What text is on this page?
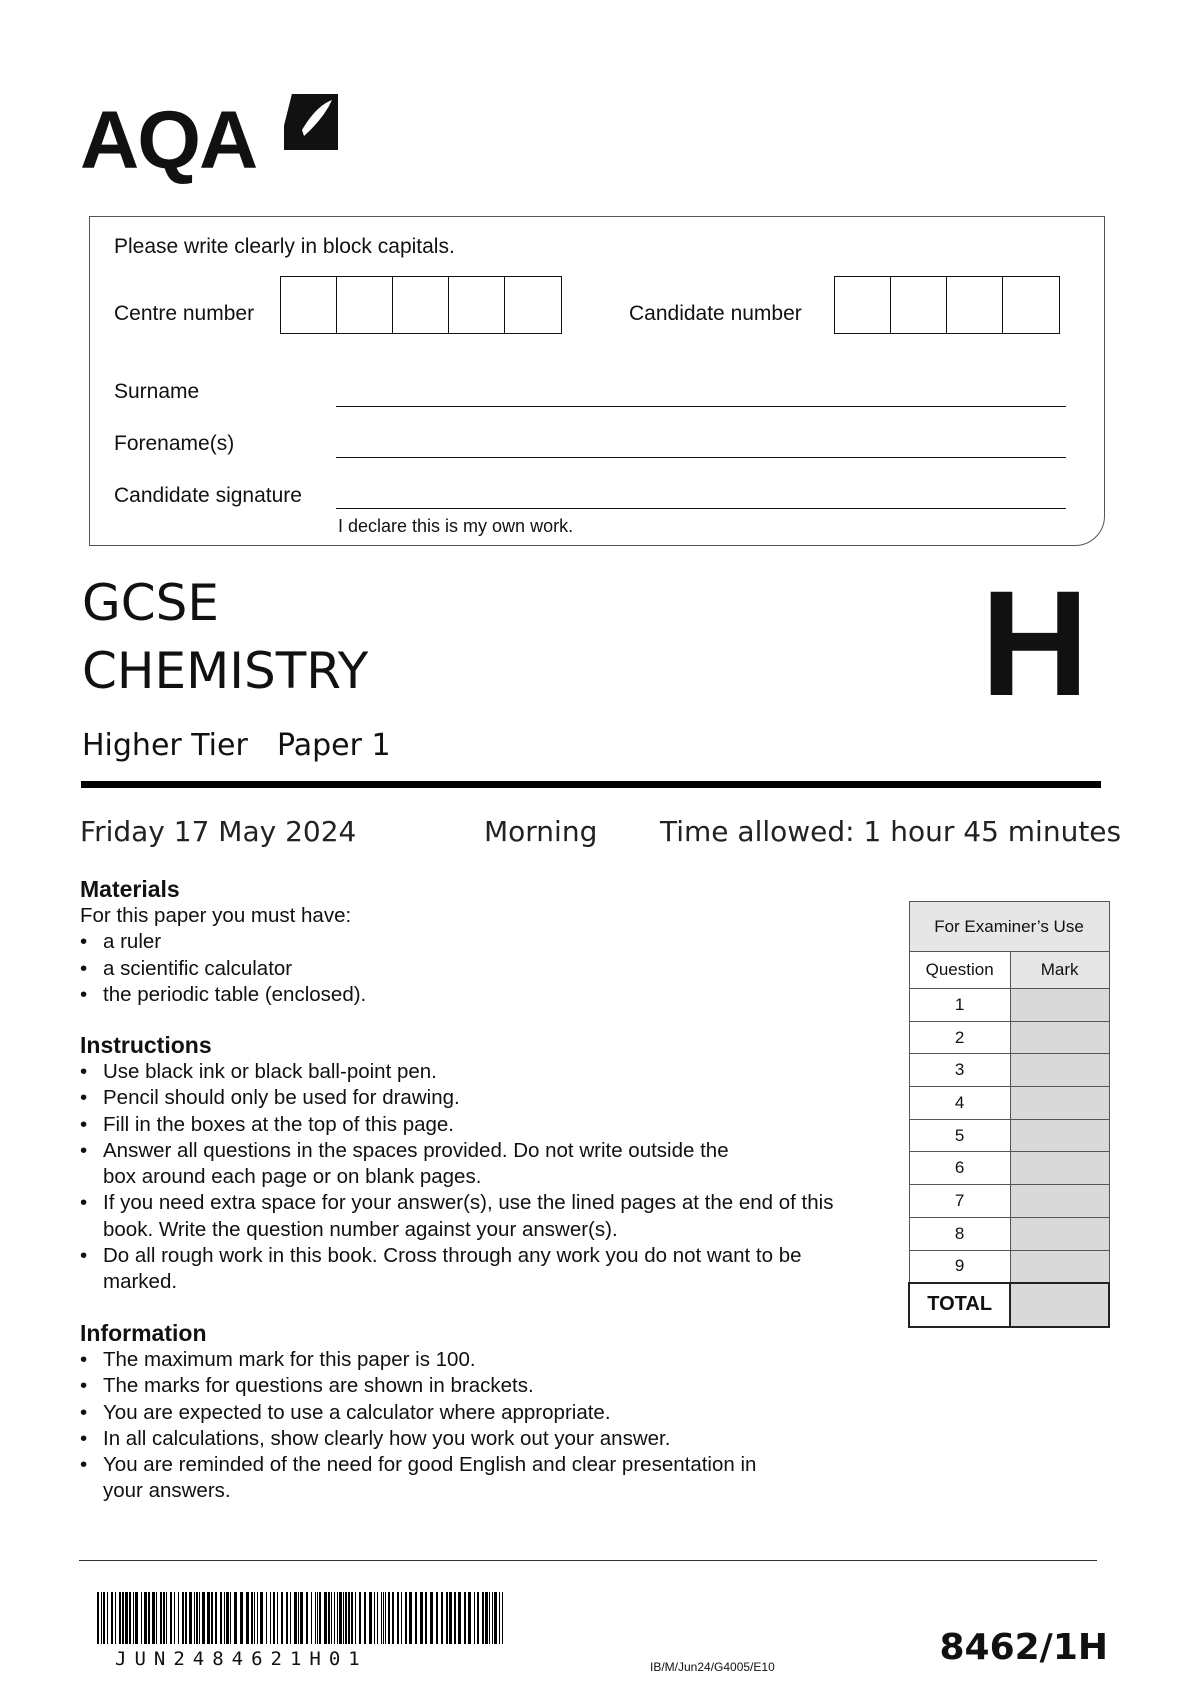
AQA
Please write clearly in block capitals.
Centre number	Candidate number
Surname
Forename(s)
Candidate signature
I declare this is my own work.
GCSE
CHEMISTRY
Higher Tier Paper 1
H
Friday 17 May 2024	Morning Time allowed: 1 hour 45 minutes
Materials
For this paper you must have:
• a ruler
• a scientific calculator
• the periodic table (enclosed).
Instructions
• Use black ink or black ball-point pen.
• Pencil should only be used for drawing.
• Fill in the boxes at the top of this page.
• Answer all questions in the spaces provided. Do not write outside the box around each page or on blank pages.
• If you need extra space for your answer(s), use the lined pages at the end of this book. Write the question number against your answer(s).
• Do all rough work in this book. Cross through any work you do not want to be marked.
Information
• The maximum mark for this paper is 100.
• The marks for questions are shown in brackets.
• You are expected to use a calculator where appropriate.
• In all calculations, show clearly how you work out your answer.
• You are reminded of the need for good English and clear presentation in your answers.
For Examiner’s Use	
Question	Mark
1	
2	
3	
4	
5	
6	
7	
8	
9	
TOTAL	
JUN2484621H01	IB/M/Jun24/G4005/E10	8462/1H
